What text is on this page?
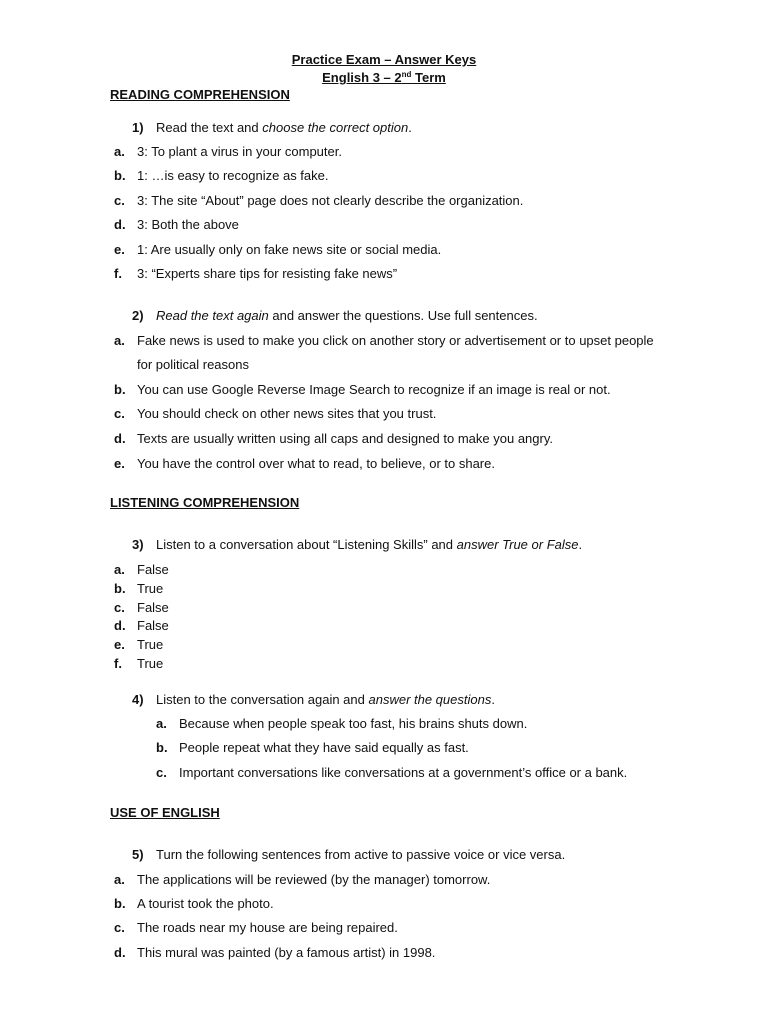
Practice Exam – Answer Keys
English 3 – 2nd Term
READING COMPREHENSION
1) Read the text and choose the correct option.
a. 3: To plant a virus in your computer.
b. 1: …is easy to recognize as fake.
c. 3: The site “About” page does not clearly describe the organization.
d. 3: Both the above
e. 1: Are usually only on fake news site or social media.
f. 3: “Experts share tips for resisting fake news”
2) Read the text again and answer the questions. Use full sentences.
a. Fake news is used to make you click on another story or advertisement or to upset people
for political reasons
b. You can use Google Reverse Image Search to recognize if an image is real or not.
c. You should check on other news sites that you trust.
d. Texts are usually written using all caps and designed to make you angry.
e. You have the control over what to read, to believe, or to share.
LISTENING COMPREHENSION
3) Listen to a conversation about “Listening Skills” and answer True or False.
a. False
b. True
c. False
d. False
e. True
f. True
4) Listen to the conversation again and answer the questions.
a. Because when people speak too fast, his brains shuts down.
b. People repeat what they have said equally as fast.
c. Important conversations like conversations at a government’s office or a bank.
USE OF ENGLISH
5) Turn the following sentences from active to passive voice or vice versa.
a. The applications will be reviewed (by the manager) tomorrow.
b. A tourist took the photo.
c. The roads near my house are being repaired.
d. This mural was painted (by a famous artist) in 1998.
